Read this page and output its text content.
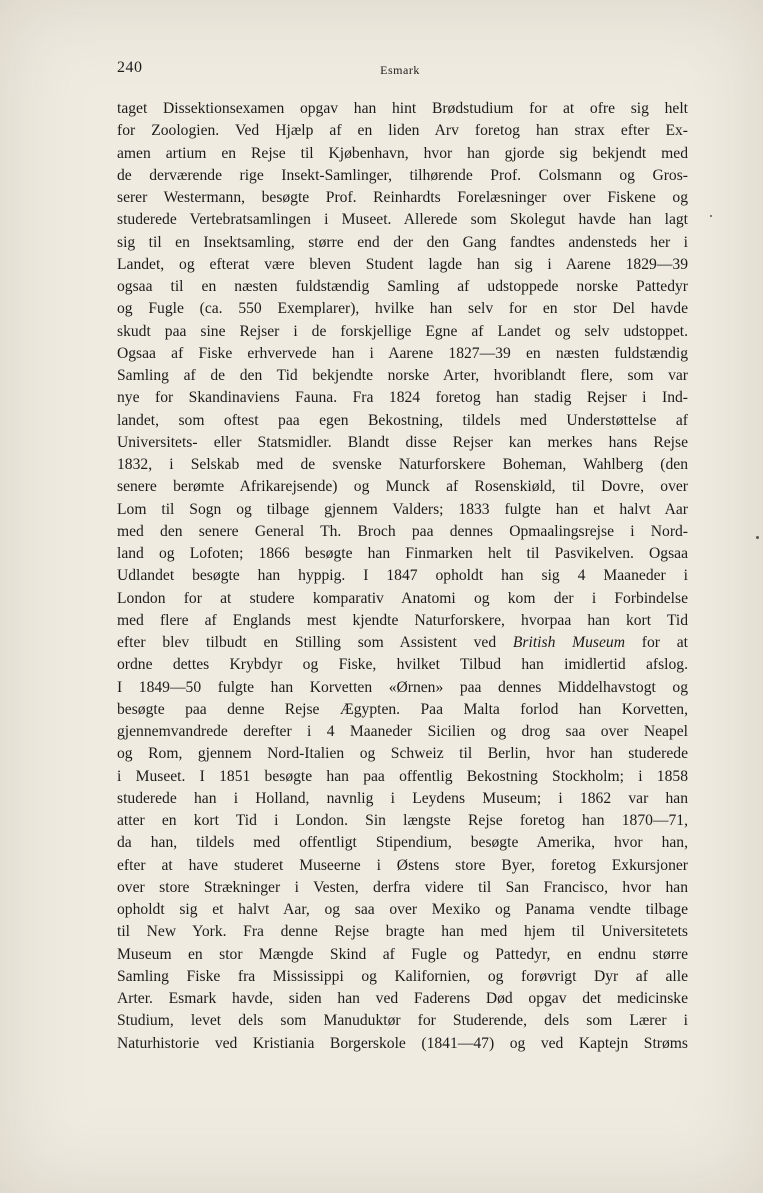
240	Esmark
taget Dissektionsexamen opgav han hint Brødstudium for at ofre sig helt
for Zoologien. Ved Hjælp af en liden Arv foretog han strax efter Ex-
amen artium en Rejse til Kjøbenhavn, hvor han gjorde sig bekjendt med
de derværende rige Insekt-Samlinger, tilhørende Prof. Colsmann og Gros-
serer Westermann, besøgte Prof. Reinhardts Forelæsninger over Fiskene og
studerede Vertebratsamlingen i Museet. Allerede som Skolegut havde han lagt
sig til en Insektsamling, større end der den Gang fandtes andensteds her i
Landet, og efterat være bleven Student lagde han sig i Aarene 1829—39
ogsaa til en næsten fuldstændig Samling af udstoppede norske Pattedyr
og Fugle (ca. 550 Exemplarer), hvilke han selv for en stor Del havde
skudt paa sine Rejser i de forskjellige Egne af Landet og selv udstoppet.
Ogsaa af Fiske erhvervede han i Aarene 1827—39 en næsten fuldstændig
Samling af de den Tid bekjendte norske Arter, hvoriblandt flere, som var
nye for Skandinaviens Fauna. Fra 1824 foretog han stadig Rejser i Ind-
landet, som oftest paa egen Bekostning, tildels med Understøttelse af
Universitets- eller Statsmidler. Blandt disse Rejser kan merkes hans Rejse
1832, i Selskab med de svenske Naturforskere Boheman, Wahlberg (den
senere berømte Afrikarejsende) og Munck af Rosenskiøld, til Dovre, over
Lom til Sogn og tilbage gjennem Valders; 1833 fulgte han et halvt Aar
med den senere General Th. Broch paa dennes Opmaalingsrejse i Nord-
land og Lofoten; 1866 besøgte han Finmarken helt til Pasvikelven. Ogsaa
Udlandet besøgte han hyppig. I 1847 opholdt han sig 4 Maaneder i
London for at studere komparativ Anatomi og kom der i Forbindelse
med flere af Englands mest kjendte Naturforskere, hvorpaa han kort Tid
efter blev tilbudt en Stilling som Assistent ved British Museum for at
ordne dettes Krybdyr og Fiske, hvilket Tilbud han imidlertid afslog.
I 1849—50 fulgte han Korvetten «Ørnen» paa dennes Middelhavstogt og
besøgte paa denne Rejse Ægypten. Paa Malta forlod han Korvetten,
gjennemvandrede derefter i 4 Maaneder Sicilien og drog saa over Neapel
og Rom, gjennem Nord-Italien og Schweiz til Berlin, hvor han studerede
i Museet. I 1851 besøgte han paa offentlig Bekostning Stockholm; i 1858
studerede han i Holland, navnlig i Leydens Museum; i 1862 var han
atter en kort Tid i London. Sin længste Rejse foretog han 1870—71,
da han, tildels med offentligt Stipendium, besøgte Amerika, hvor han,
efter at have studeret Museerne i Østens store Byer, foretog Exkursjoner
over store Strækninger i Vesten, derfra videre til San Francisco, hvor han
opholdt sig et halvt Aar, og saa over Mexiko og Panama vendte tilbage
til New York. Fra denne Rejse bragte han med hjem til Universitetets
Museum en stor Mængde Skind af Fugle og Pattedyr, en endnu større
Samling Fiske fra Mississippi og Kalifornien, og forøvrigt Dyr af alle
Arter. Esmark havde, siden han ved Faderens Død opgav det medicinske
Studium, levet dels som Manuduktør for Studerende, dels som Lærer i
Naturhistorie ved Kristiania Borgerskole (1841—47) og ved Kaptejn Strøms
